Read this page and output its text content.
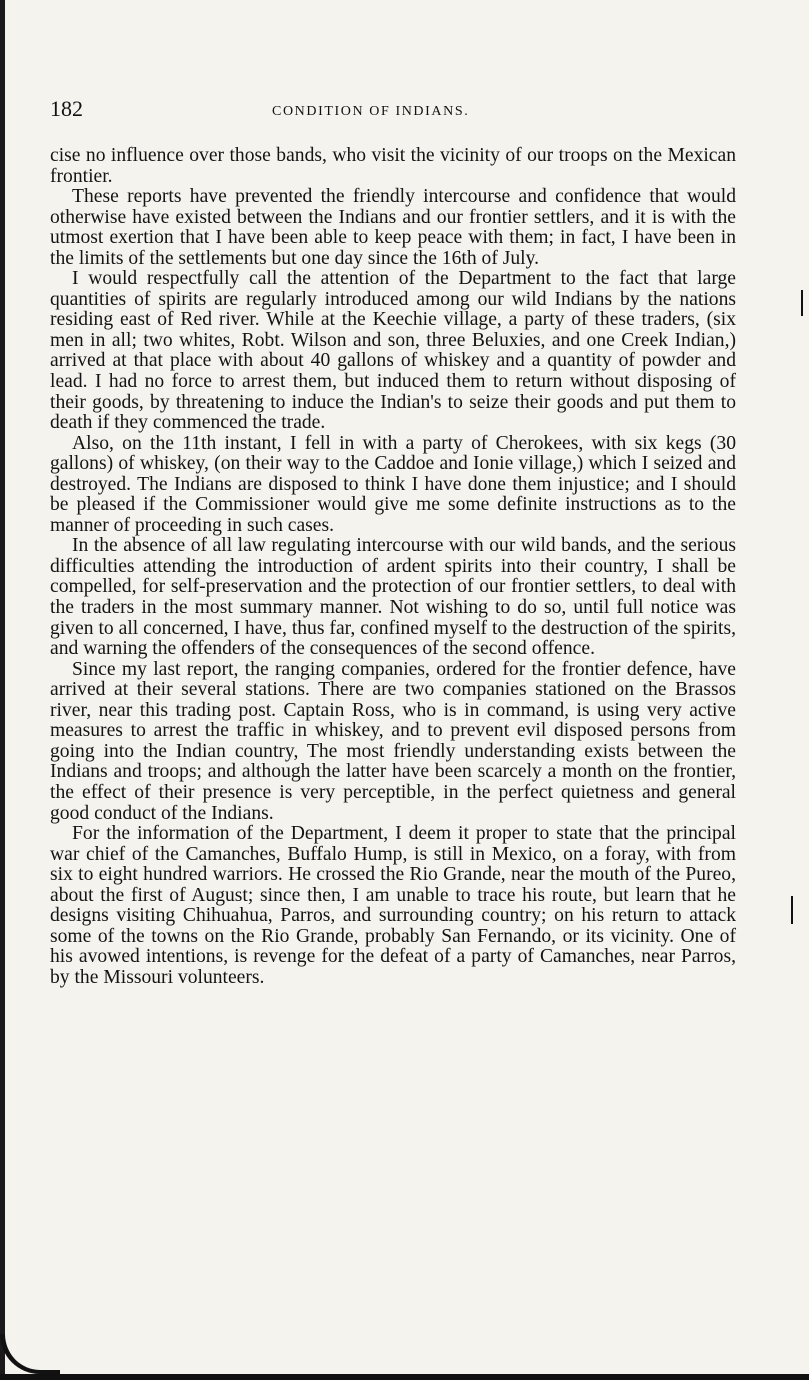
182	CONDITION OF INDIANS.

cise no influence over those bands, who visit the vicinity of our troops on the Mexican frontier.

These reports have prevented the friendly intercourse and confidence that would otherwise have existed between the Indians and our frontier settlers, and it is with the utmost exertion that I have been able to keep peace with them; in fact, I have been in the limits of the settlements but one day since the 16th of July.

I would respectfully call the attention of the Department to the fact that large quantities of spirits are regularly introduced among our wild Indians by the nations residing east of Red river. While at the Keechie village, a party of these traders, (six men in all; two whites, Robt. Wilson and son, three Beluxies, and one Creek Indian,) arrived at that place with about 40 gallons of whiskey and a quantity of powder and lead. I had no force to arrest them, but induced them to return without disposing of their goods, by threatening to induce the Indian's to seize their goods and put them to death if they commenced the trade.

Also, on the 11th instant, I fell in with a party of Cherokees, with six kegs (30 gallons) of whiskey, (on their way to the Caddoe and Ionie village,) which I seized and destroyed. The Indians are disposed to think I have done them injustice; and I should be pleased if the Commissioner would give me some definite instructions as to the manner of proceeding in such cases.

In the absence of all law regulating intercourse with our wild bands, and the serious difficulties attending the introduction of ardent spirits into their country, I shall be compelled, for self-preservation and the protection of our frontier settlers, to deal with the traders in the most summary manner. Not wishing to do so, until full notice was given to all concerned, I have, thus far, confined myself to the destruction of the spirits, and warning the offenders of the consequences of the second offence.

Since my last report, the ranging companies, ordered for the frontier defence, have arrived at their several stations. There are two companies stationed on the Brassos river, near this trading post. Captain Ross, who is in command, is using very active measures to arrest the traffic in whiskey, and to prevent evil disposed persons from going into the Indian country, The most friendly understanding exists between the Indians and troops; and although the latter have been scarcely a month on the frontier, the effect of their presence is very perceptible, in the perfect quietness and general good conduct of the Indians.

For the information of the Department, I deem it proper to state that the principal war chief of the Camanches, Buffalo Hump, is still in Mexico, on a foray, with from six to eight hundred warriors. He crossed the Rio Grande, near the mouth of the Pureo, about the first of August; since then, I am unable to trace his route, but learn that he designs visiting Chihuahua, Parros, and surrounding country; on his return to attack some of the towns on the Rio Grande, probably San Fernando, or its vicinity. One of his avowed intentions, is revenge for the defeat of a party of Camanches, near Parros, by the Missouri volunteers.
